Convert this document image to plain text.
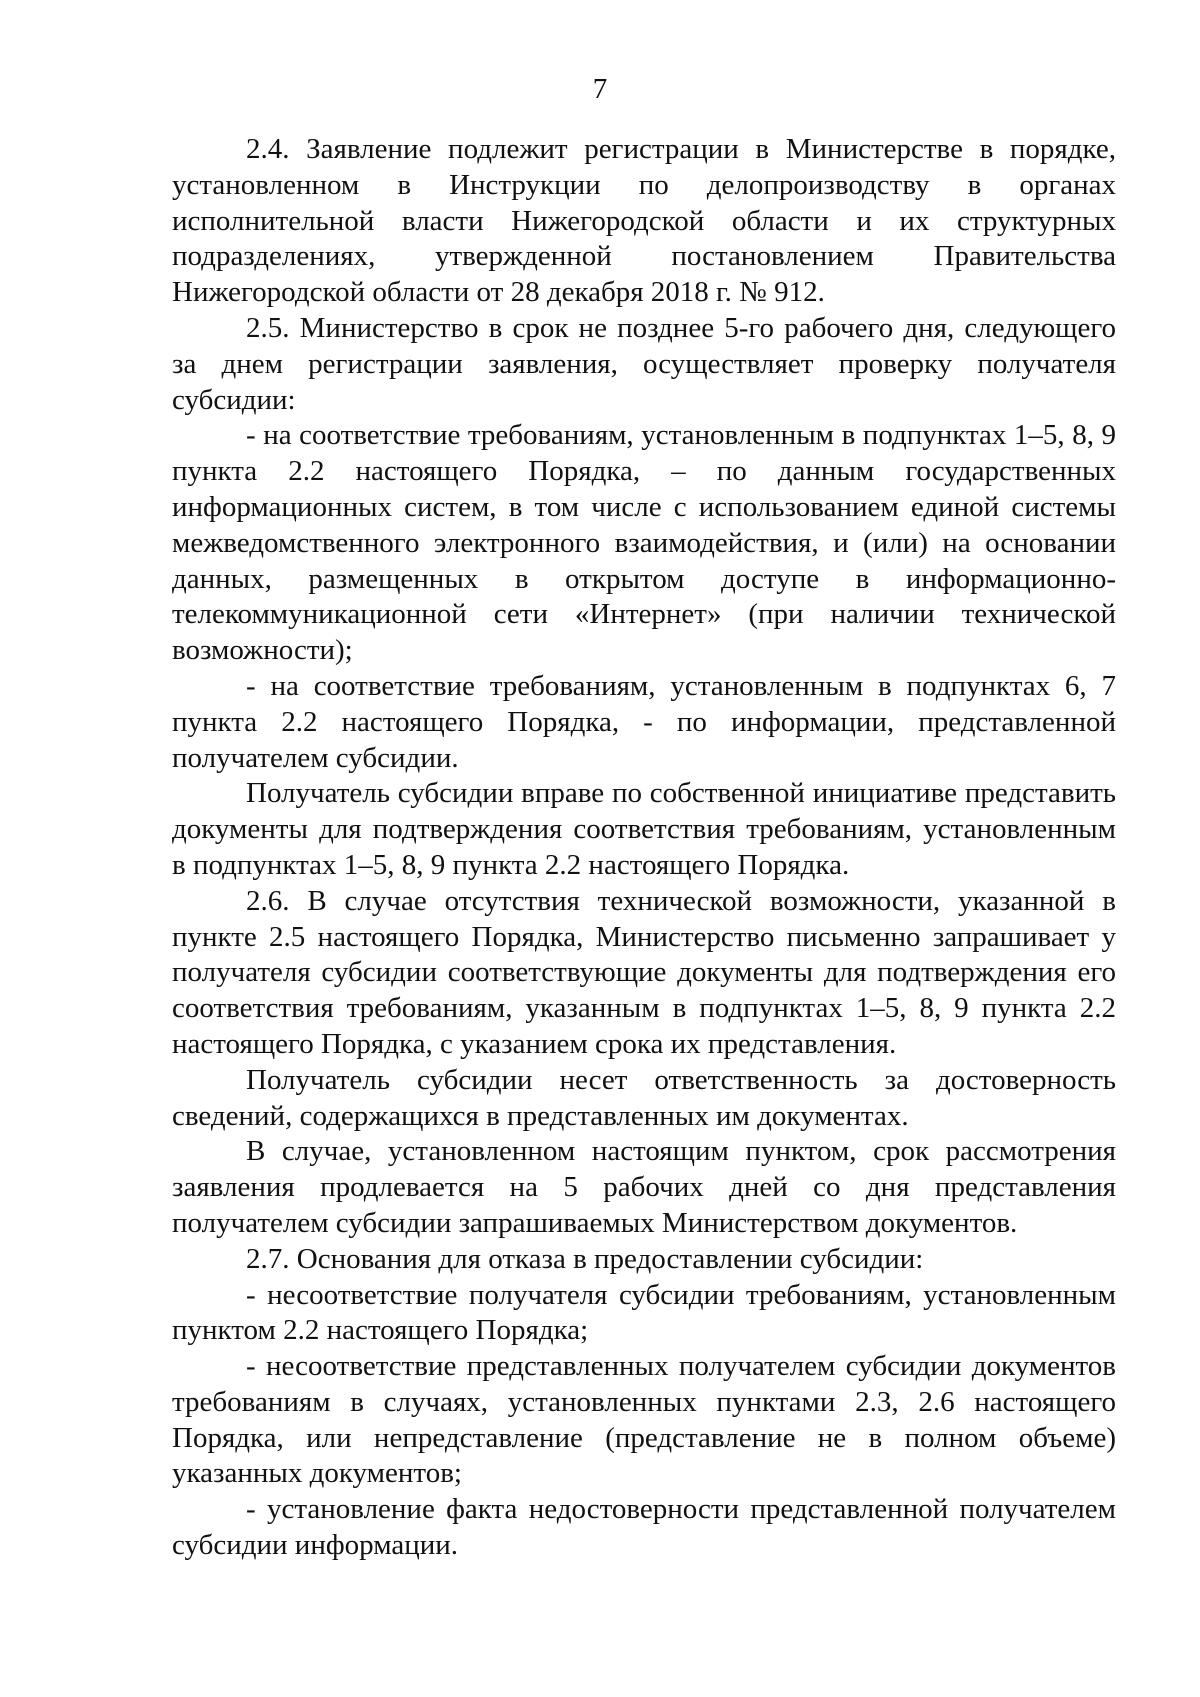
7

2.4. Заявление подлежит регистрации в Министерстве в порядке, установленном в Инструкции по делопроизводству в органах исполнительной власти Нижегородской области и их структурных подразделениях, утвержденной постановлением Правительства Нижегородской области от 28 декабря 2018 г. № 912.

2.5. Министерство в срок не позднее 5-го рабочего дня, следующего за днем регистрации заявления, осуществляет проверку получателя субсидии:

- на соответствие требованиям, установленным в подпунктах 1–5, 8, 9 пункта 2.2 настоящего Порядка, – по данным государственных информационных систем, в том числе с использованием единой системы межведомственного электронного взаимодействия, и (или) на основании данных, размещенных в открытом доступе в информационно-телекоммуникационной сети «Интернет» (при наличии технической возможности);

- на соответствие требованиям, установленным в подпунктах 6, 7 пункта 2.2 настоящего Порядка, - по информации, представленной получателем субсидии.

Получатель субсидии вправе по собственной инициативе представить документы для подтверждения соответствия требованиям, установленным в подпунктах 1–5, 8, 9 пункта 2.2 настоящего Порядка.

2.6. В случае отсутствия технической возможности, указанной в пункте 2.5 настоящего Порядка, Министерство письменно запрашивает у получателя субсидии соответствующие документы для подтверждения его соответствия требованиям, указанным в подпунктах 1–5, 8, 9 пункта 2.2 настоящего Порядка, с указанием срока их представления.

Получатель субсидии несет ответственность за достоверность сведений, содержащихся в представленных им документах.

В случае, установленном настоящим пунктом, срок рассмотрения заявления продлевается на 5 рабочих дней со дня представления получателем субсидии запрашиваемых Министерством документов.

2.7. Основания для отказа в предоставлении субсидии:

- несоответствие получателя субсидии требованиям, установленным пунктом 2.2 настоящего Порядка;

- несоответствие представленных получателем субсидии документов требованиям в случаях, установленных пунктами 2.3, 2.6 настоящего Порядка, или непредставление (представление не в полном объеме) указанных документов;

- установление факта недостоверности представленной получателем субсидии информации.
